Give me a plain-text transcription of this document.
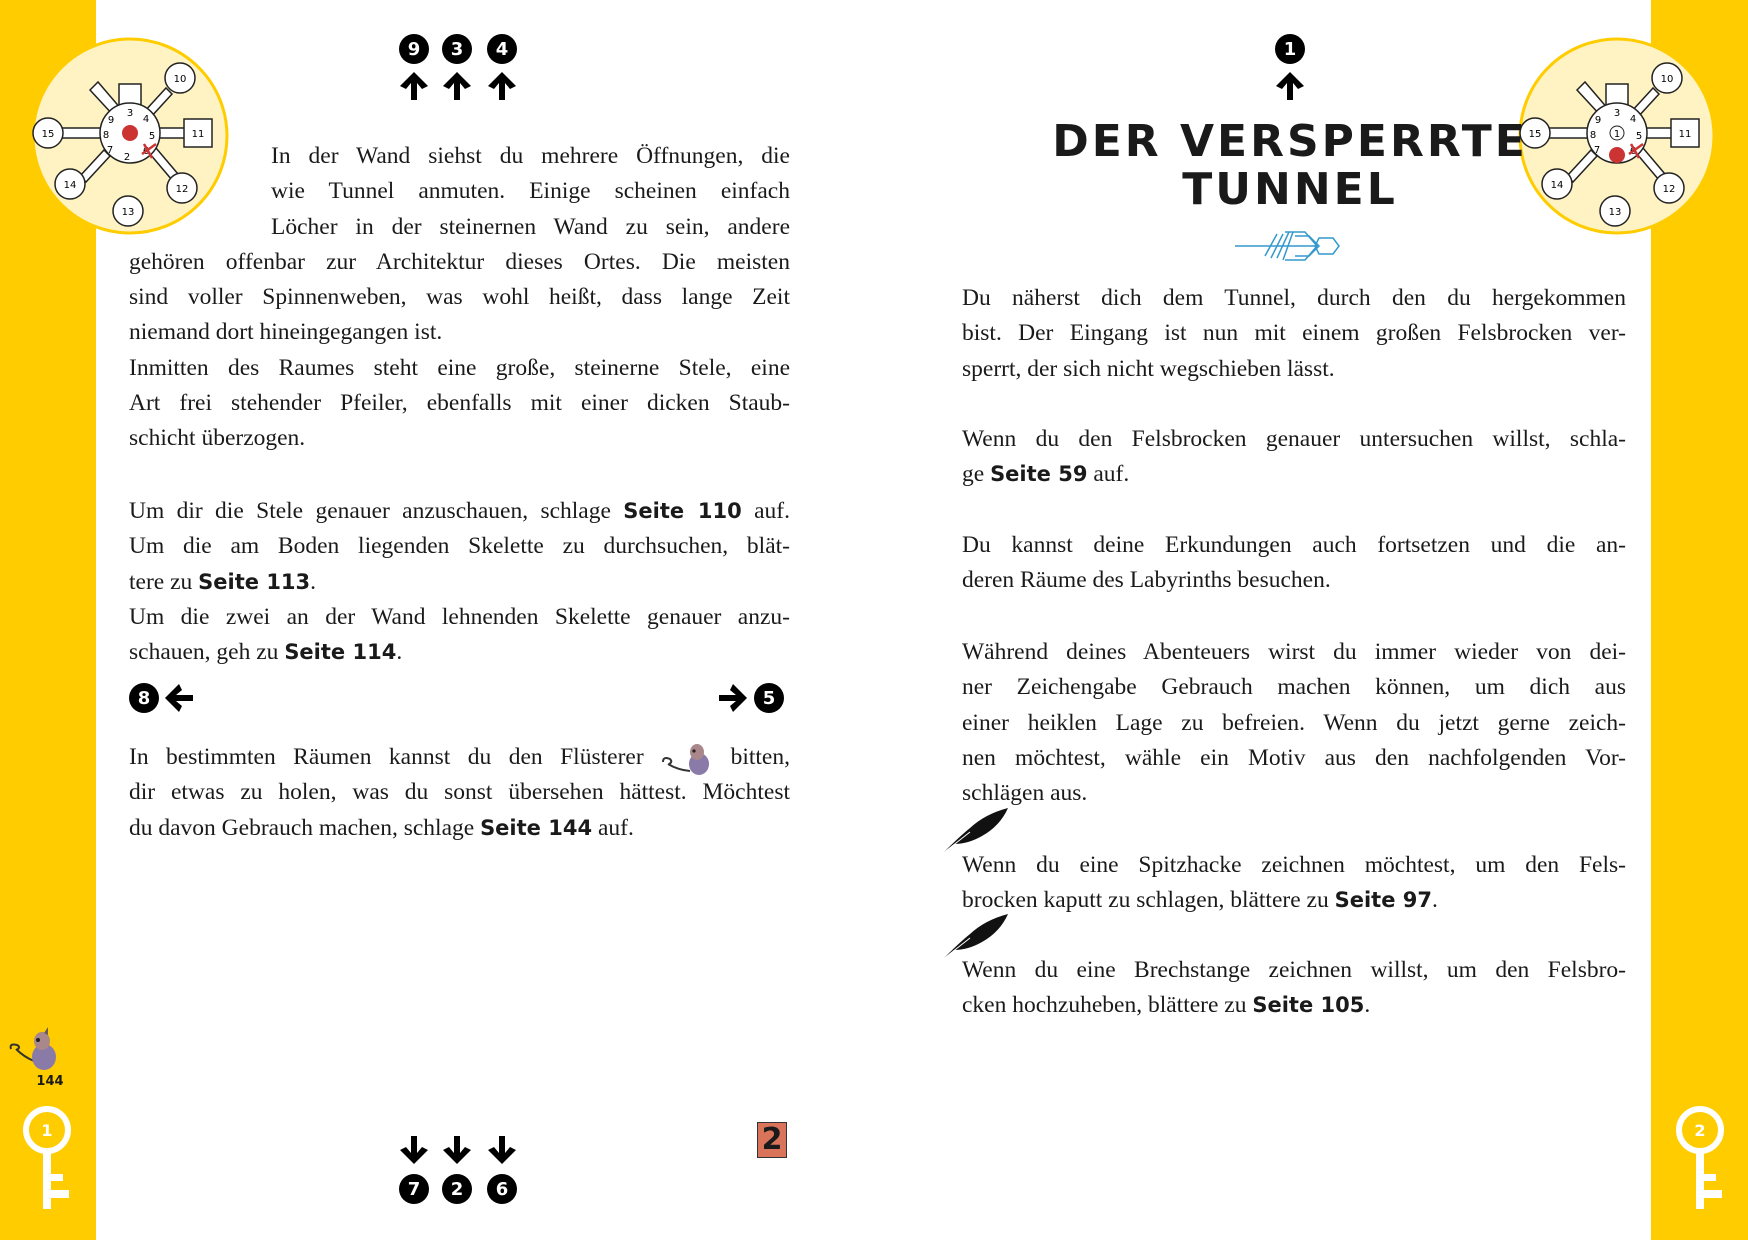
10
11
12
13
14
15
3
4
5
6
2
7
8
9
10
11
12
13
14
15
3
4
5
6
7
8
9
1
9	3	4
In der Wand siehst du mehrere Öffnungen, die
wie Tunnel anmuten. Einige scheinen einfach
Löcher in der steinernen Wand zu sein, andere
gehören offenbar zur Architektur dieses Ortes. Die meisten
sind voller Spinnenweben, was wohl heißt, dass lange Zeit
niemand dort hineingegangen ist.
Inmitten des Raumes steht eine große, steinerne Stele, eine
Art frei stehender Pfeiler, ebenfalls mit einer dicken Staub-
schicht überzogen.
Um dir die Stele genauer anzuschauen, schlage Seite 110 auf.
Um die am Boden liegenden Skelette zu durchsuchen, blät-
tere zu Seite 113.
Um die zwei an der Wand lehnenden Skelette genauer anzu-
schauen, geh zu Seite 114.
8	5
In bestimmten Räumen kannst du den Flüsterer	bitten,
dir etwas zu holen, was du sonst übersehen hättest. Möchtest
du davon Gebrauch machen, schlage Seite 144 auf.
7	2	6
2
144
1
1
DER VERSPERRTE
TUNNEL
Du näherst dich dem Tunnel, durch den du hergekommen
bist. Der Eingang ist nun mit einem großen Felsbrocken ver-
sperrt, der sich nicht wegschieben lässt.
Wenn du den Felsbrocken genauer untersuchen willst, schla-
ge Seite 59 auf.
Du kannst deine Erkundungen auch fortsetzen und die an-
deren Räume des Labyrinths besuchen.
Während deines Abenteuers wirst du immer wieder von dei-
ner Zeichengabe Gebrauch machen können, um dich aus
einer heiklen Lage zu befreien. Wenn du jetzt gerne zeich-
nen möchtest, wähle ein Motiv aus den nachfolgenden Vor-
schlägen aus.
Wenn du eine Spitzhacke zeichnen möchtest, um den Fels-
brocken kaputt zu schlagen, blättere zu Seite 97.
Wenn du eine Brechstange zeichnen willst, um den Felsbro-
cken hochzuheben, blättere zu Seite 105.
2
